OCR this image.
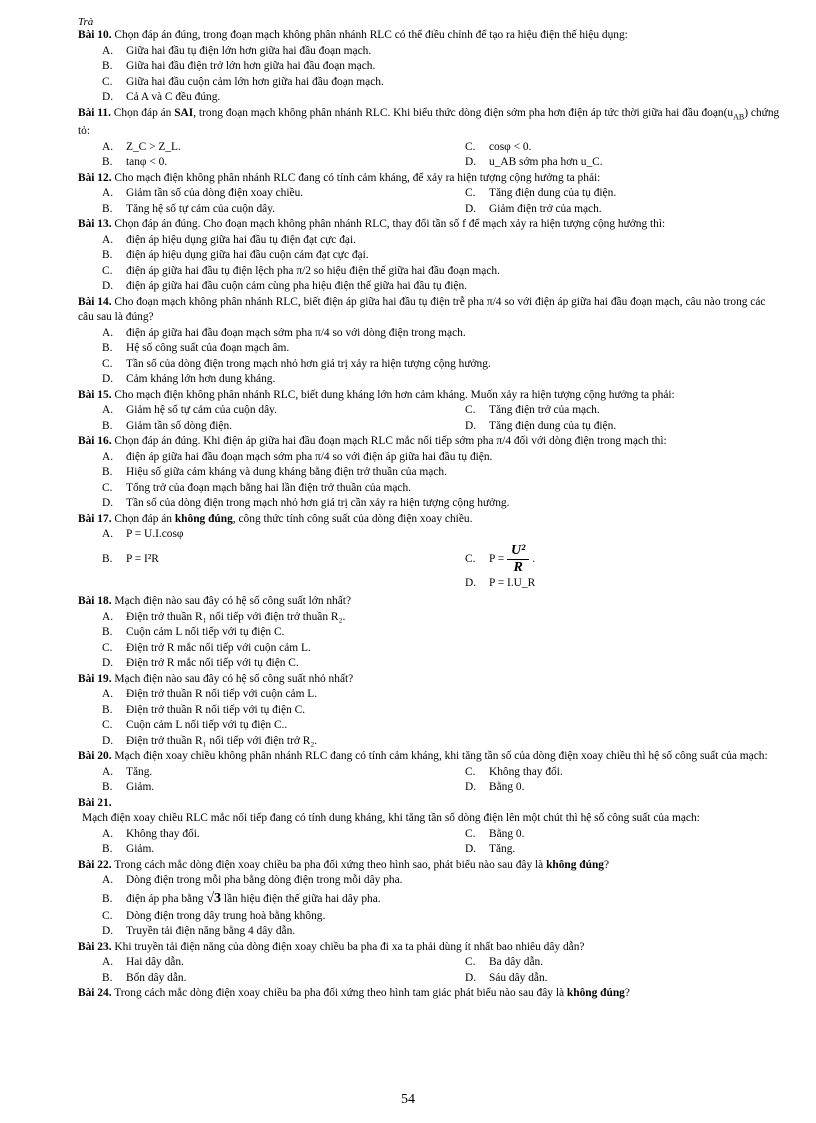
Trà
Bài 10. Chọn đáp án đúng, trong đoạn mạch không phân nhánh RLC có thể điều chỉnh để tạo ra hiệu điện thế hiệu dụng:
A.	Giữa hai đầu tụ điện lớn hơn giữa hai đầu đoạn mạch.
B.	Giữa hai đầu điện trở lớn hơn giữa hai đầu đoạn mạch.
C.	Giữa hai đầu cuộn cảm lớn hơn giữa hai đầu đoạn mạch.
D.	Cả A và C đều đúng.
Bài 11. Chọn đáp án SAI, trong đoạn mạch không phân nhánh RLC. Khi biểu thức dòng điện sớm pha hơn điện áp tức thời giữa hai đầu $đoạn(u_{AB})$ chứng tỏ:
A.	Z_C > Z_L.	C.	cosφ < 0.
B.	tanφ < 0.	D.	u_AB sớm pha hơn u_C.
Bài 12. Cho mạch điện không phân nhánh RLC đang có tính cảm kháng, để xảy ra hiện tượng cộng hưởng ta phải:
A.	Giảm tần số của dòng điện xoay chiều.	C.	Tăng điện dung của tụ điện.
B.	Tăng hệ số tự cảm của cuộn dây.	D.	Giảm điện trở của mạch.
Bài 13. Chọn đáp án đúng. Cho đoạn mạch không phân nhánh RLC, thay đổi tần số f để mạch xảy ra hiện tượng cộng hưởng thì:
A.	điện áp hiệu dụng giữa hai đầu tụ điện đạt cực đại.
B.	điện áp hiệu dụng giữa hai đầu cuộn cảm đạt cực đại.
C.	điện áp giữa hai đầu tụ điện lệch pha π/2 so hiệu điện thế giữa hai đầu đoạn mạch.
D.	điện áp giữa hai đầu cuộn cảm cùng pha hiệu điện thế giữa hai đầu tụ điện.
Bài 14. Cho đoạn mạch không phân nhánh RLC, biết điện áp giữa hai đầu tụ điện trễ pha π/4 so với điện áp giữa hai đầu đoạn mạch, câu nào trong các câu sau là đúng?
A.	điện áp giữa hai đầu đoạn mạch sớm pha π/4 so với dòng điện trong mạch.
B.	Hệ số công suất của đoạn mạch âm.
C.	Tần số của dòng điện trong mạch nhỏ hơn giá trị xảy ra hiện tượng cộng hưởng.
D.	Cảm kháng lớn hơn dung kháng.
Bài 15. Cho mạch điện không phân nhánh RLC, biết dung kháng lớn hơn cảm kháng. Muốn xảy ra hiện tượng cộng hưởng ta phải:
A.	Giảm hệ số tự cảm của cuộn dây.	C.	Tăng điện trở của mạch.
B.	Giảm tần số dòng điện.	D.	Tăng điện dung của tụ điện.
Bài 16. Chọn đáp án đúng. Khi điện áp giữa hai đầu đoạn mạch RLC mắc nối tiếp sớm pha π/4 đối với dòng điện trong mạch thì:
A.	điện áp giữa hai đầu đoạn mạch sớm pha π/4 so với điện áp giữa hai đầu tụ điện.
B.	Hiệu số giữa cảm kháng và dung kháng bằng điện trở thuần của mạch.
C.	Tổng trở của đoạn mạch bằng hai lần điện trở thuần của mạch.
D.	Tần số của dòng điện trong mạch nhỏ hơn giá trị cần xảy ra hiện tượng cộng hưởng.
Bài 17. Chọn đáp án không đúng, công thức tính công suất của dòng điện xoay chiều.
A.	P = U.I.cosφ
B.	P = I²R	C.	$P = \frac{\text{U²}}{R}$ .
D.	P = I.U_R
Bài 18. Mạch điện nào sau đây có hệ số công suất lớn nhất?
A.	Điện trở thuần R₁ nối tiếp với điện trở thuần R₂.
B.	Cuộn cảm L nối tiếp với tụ điện C.
C.	Điện trở R mắc nối tiếp với cuộn cảm L.
D.	Điện trở R mắc nối tiếp với tụ điện C.
Bài 19. Mạch điện nào sau đây có hệ số công suất nhỏ nhất?
A.	Điện trở thuần R nối tiếp với cuộn cảm L.
B.	Điện trở thuần R nối tiếp với tụ điện C.
C.	Cuộn cảm L nối tiếp với tụ điện C..
D.	Điện trở thuần R₁ nối tiếp với điện trở R₂.
Bài 20. Mạch điện xoay chiều không phân nhánh RLC đang có tính cảm kháng, khi tăng tần số của dòng điện xoay chiều thì hệ số công suất của mạch:
A.	Tăng.	C.	Không thay đổi.
B.	Giảm.	D.	Bằng 0.
Bài 21.
Mạch điện xoay chiều RLC mắc nối tiếp đang có tính dung kháng, khi tăng tần số dòng điện lên một chút thì hệ số công suất của mạch:
A.	Không thay đổi.	C.	Bằng 0.
B.	Giảm.	D.	Tăng.
Bài 22. Trong cách mắc dòng điện xoay chiều ba pha đối xứng theo hình sao, phát biểu nào sau đây là không đúng?
A.	Dòng điện trong mỗi pha bằng dòng điện trong mỗi dây pha.
B.	điện áp pha bằng √3 lần hiệu điện thế giữa hai dây pha.
C.	Dòng điện trong dây trung hoà bằng không.
D.	Truyền tải điện năng bằng 4 dây dẫn.
Bài 23. Khi truyền tải điện năng của dòng điện xoay chiều ba pha đi xa ta phải dùng ít nhất bao nhiêu dây dẫn?
A.	Hai dây dẫn.	C.	Ba dây dẫn.
B.	Bốn dây dẫn.	D.	Sáu dây dẫn.
Bài 24. Trong cách mắc dòng điện xoay chiều ba pha đối xứng theo hình tam giác phát biểu nào sau đây là không đúng?
54
